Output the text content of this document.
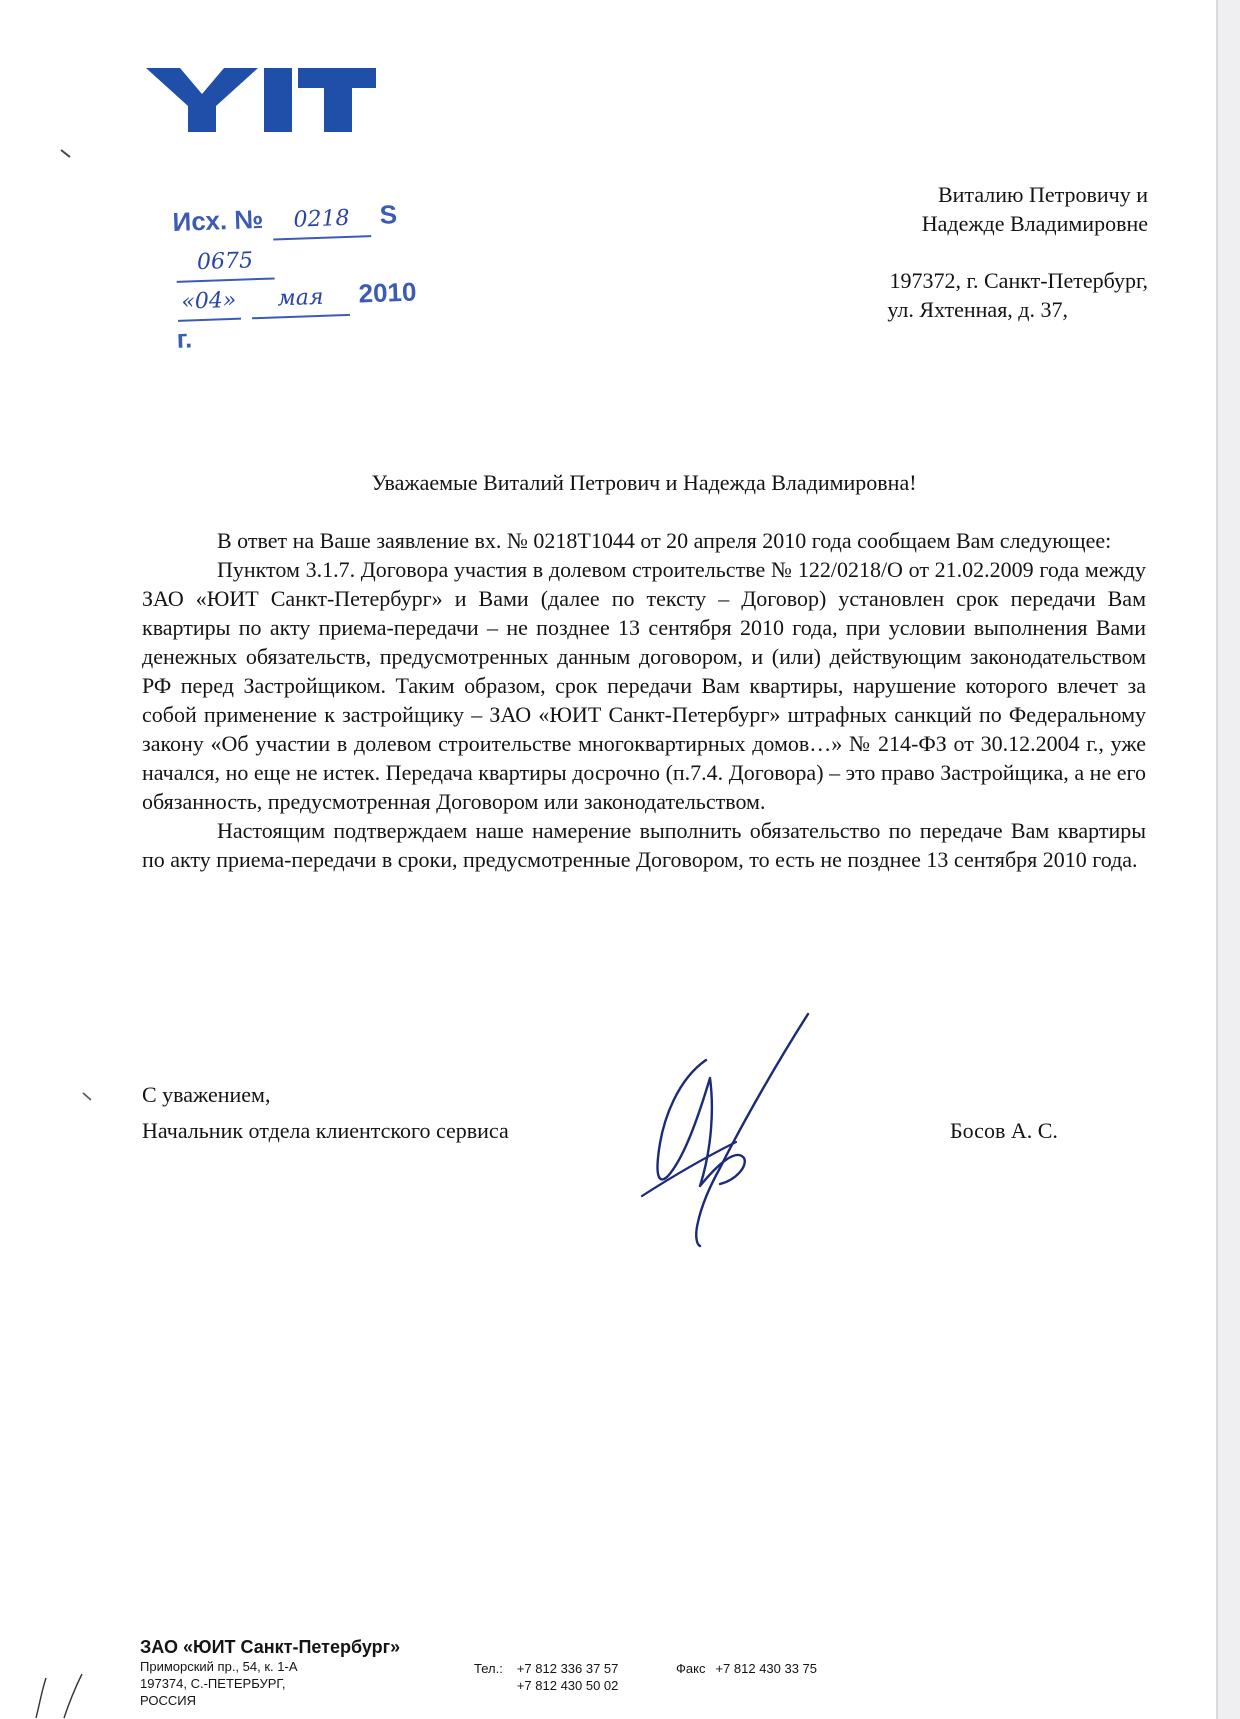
Исх. № 0218 S 0675
«04» мая 2010 г.
Виталию Петровичу и
Надежде Владимировне
197372, г. Санкт-Петербург,
ул. Яхтенная, д. 37,
Уважаемые Виталий Петрович и Надежда Владимировна!

В ответ на Ваше заявление вх. № 0218Т1044 от 20 апреля 2010 года сообщаем Вам следующее:

Пунктом 3.1.7. Договора участия в долевом строительстве № 122/0218/О от 21.02.2009 года между ЗАО «ЮИТ Санкт-Петербург» и Вами (далее по тексту – Договор) установлен срок передачи Вам квартиры по акту приема-передачи – не позднее 13 сентября 2010 года, при условии выполнения Вами денежных обязательств, предусмотренных данным договором, и (или) действующим законодательством РФ перед Застройщиком. Таким образом, срок передачи Вам квартиры, нарушение которого влечет за собой применение к застройщику – ЗАО «ЮИТ Санкт-Петербург» штрафных санкций по Федеральному закону «Об участии в долевом строительстве многоквартирных домов…» № 214-ФЗ от 30.12.2004 г., уже начался, но еще не истек. Передача квартиры досрочно (п.7.4. Договора) – это право Застройщика, а не его обязанность, предусмотренная Договором или законодательством.

Настоящим подтверждаем наше намерение выполнить обязательство по передаче Вам квартиры по акту приема-передачи в сроки, предусмотренные Договором, то есть не позднее 13 сентября 2010 года.

С уважением,
Начальник отдела клиентского сервиса	Босов А. С.
ЗАО «ЮИТ Санкт-Петербург»
Приморский пр., 54, к. 1-А
197374, С.-ПЕТЕРБУРГ,
РОССИЯ
Тел.: +7 812 336 37 57
+7 812 430 50 02
Факс +7 812 430 33 75
